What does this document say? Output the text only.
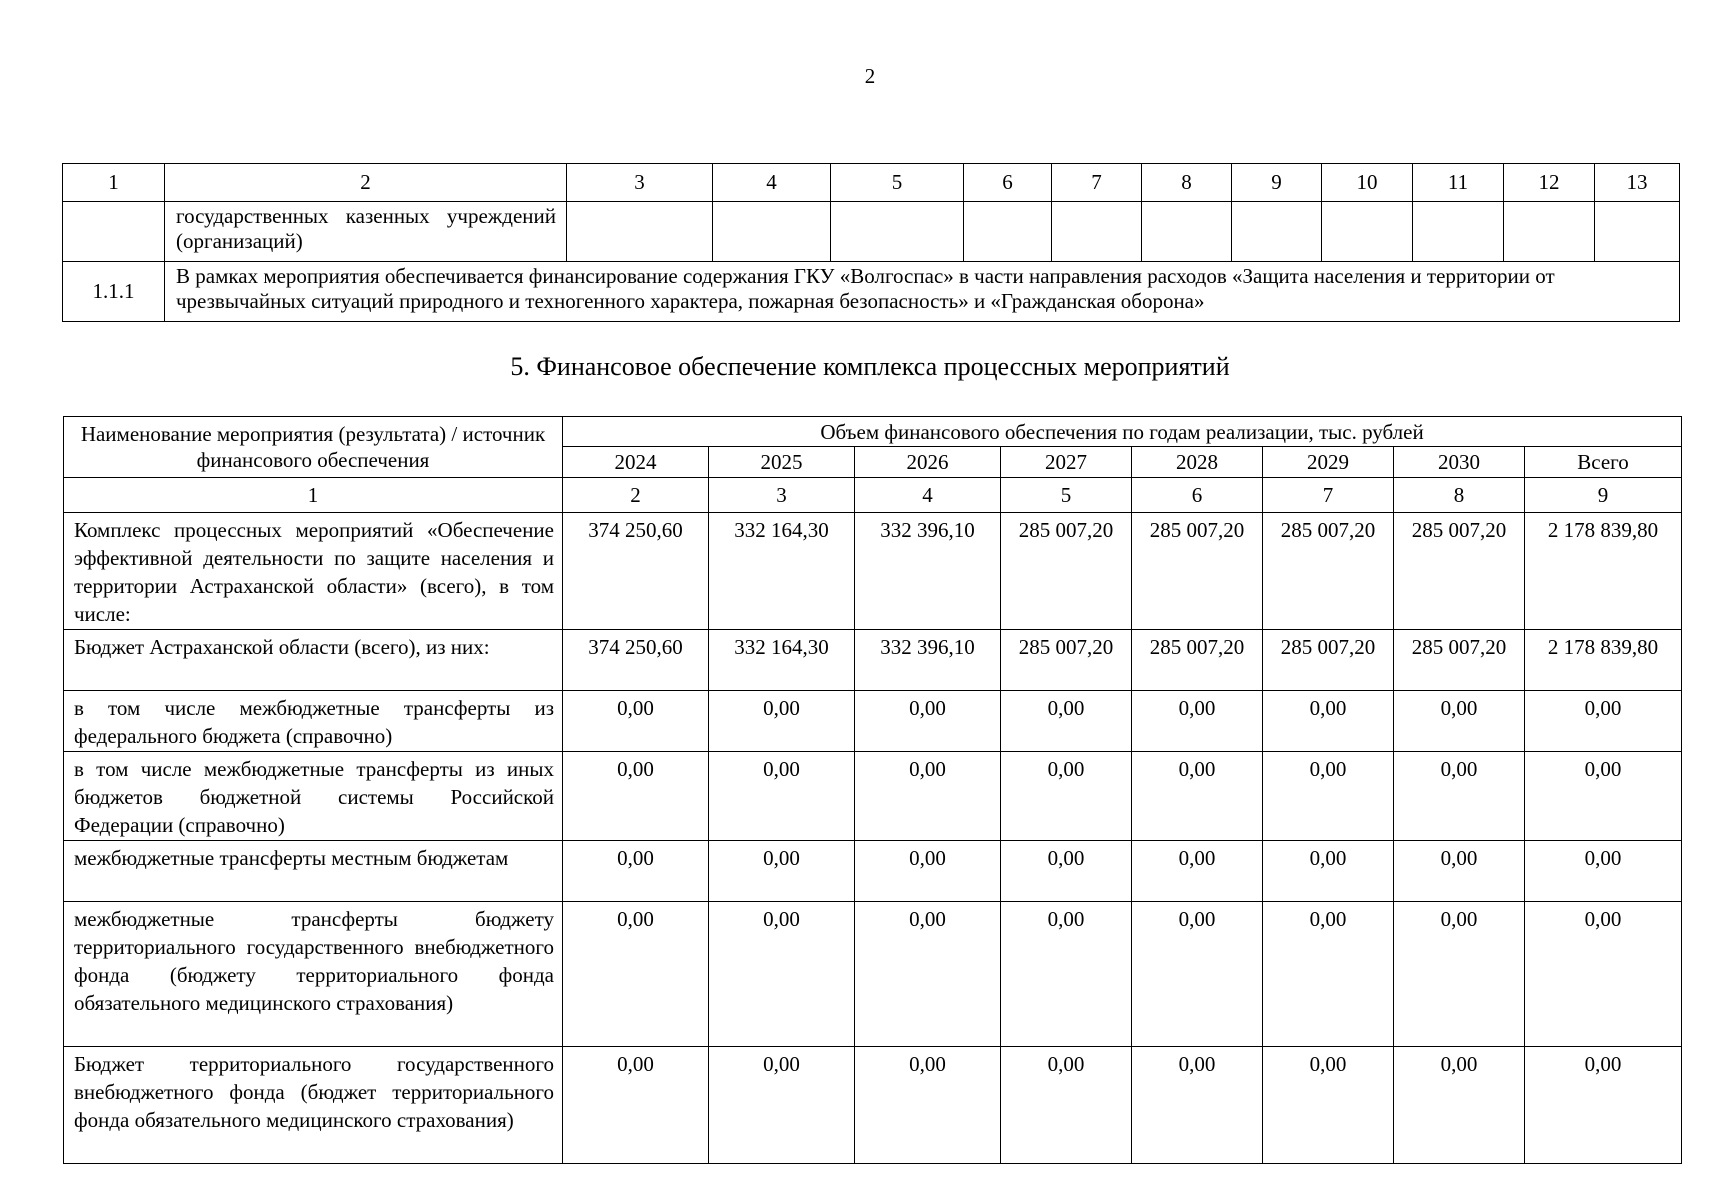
2
1	2	3	4	5	6	7	8	9	10	11	12	13
	государственных казенных учреждений (организаций)											
1.1.1	В рамках мероприятия обеспечивается финансирование содержания ГКУ «Волгоспас» в части направления расходов «Защита населения и территории от чрезвычайных ситуаций природного и техногенного характера, пожарная безопасность» и «Гражданская оборона»											
5. Финансовое обеспечение комплекса процессных мероприятий
Наименование мероприятия (результата) / источник финансового обеспечения	Объем финансового обеспечения по годам реализации, тыс. рублей							
	2024	2025	2026	2027	2028	2029	2030	Всего
1	2	3	4	5	6	7	8	9
Комплекс процессных мероприятий «Обеспечение эффективной деятельности по защите населения и территории Астраханской области» (всего), в том числе:	374 250,60	332 164,30	332 396,10	285 007,20	285 007,20	285 007,20	285 007,20	2 178 839,80
Бюджет Астраханской области (всего), из них:	374 250,60	332 164,30	332 396,10	285 007,20	285 007,20	285 007,20	285 007,20	2 178 839,80
в том числе межбюджетные трансферты из федерального бюджета (справочно)	0,00	0,00	0,00	0,00	0,00	0,00	0,00	0,00
в том числе межбюджетные трансферты из иных бюджетов бюджетной системы Российской Федерации (справочно)	0,00	0,00	0,00	0,00	0,00	0,00	0,00	0,00
межбюджетные трансферты местным бюджетам	0,00	0,00	0,00	0,00	0,00	0,00	0,00	0,00
межбюджетные трансферты бюджету территориального государственного внебюджетного фонда (бюджету территориального фонда обязательного медицинского страхования)	0,00	0,00	0,00	0,00	0,00	0,00	0,00	0,00
Бюджет территориального государственного внебюджетного фонда (бюджет территориального фонда обязательного медицинского страхования)	0,00	0,00	0,00	0,00	0,00	0,00	0,00	0,00
